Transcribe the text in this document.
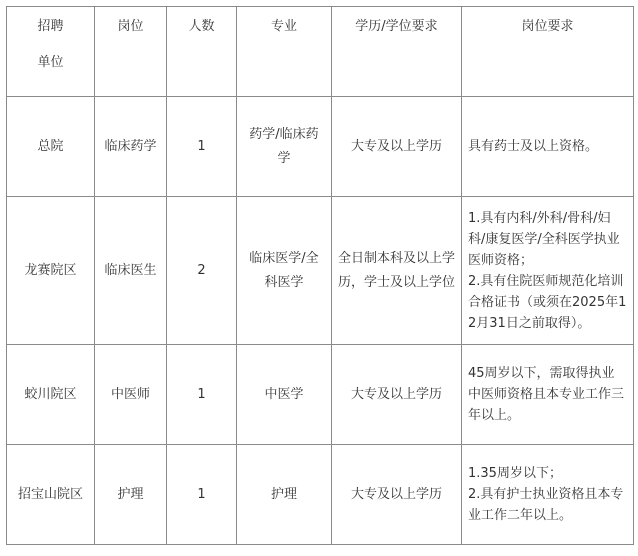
招聘
单位	岗位	人数	专业	学历/学位要求	岗位要求
总院	临床药学	1	药学/临床药学	大专及以上学历	具有药士及以上资格。

龙赛院区	临床医生	2	临床医学/全科医学	全日制本科及以上学历，学士及以上学位	1.具有内科/外科/骨科/妇科/康复医学/全科医学执业医师资格；
2.具有住院医师规范化培训合格证书（或须在2025年12月31日之前取得）。

蛟川院区	中医师	1	中医学	大专及以上学历	45周岁以下，需取得执业中医师资格且本专业工作三年以上。

招宝山院区	护理	1	护理	大专及以上学历	1.35周岁以下；
2.具有护士执业资格且本专业工作二年以上。
